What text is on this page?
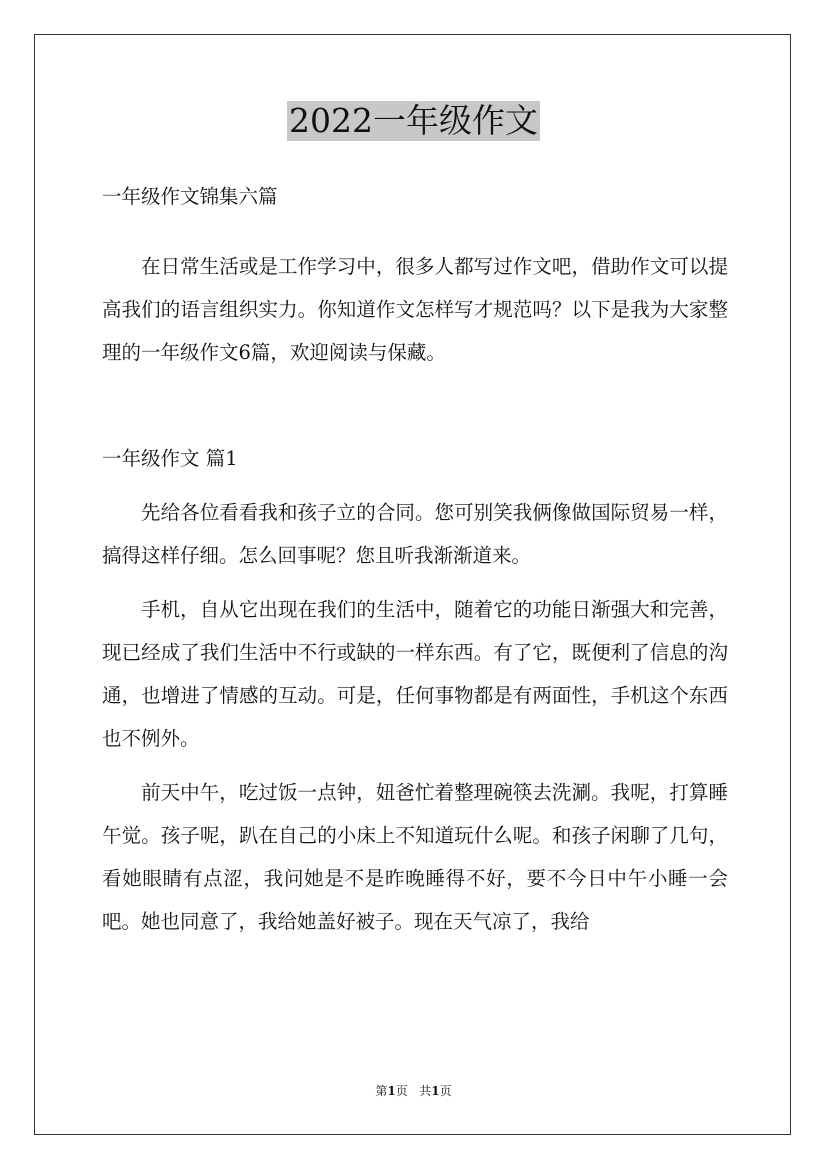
2022一年级作文

一年级作文锦集六篇

在日常生活或是工作学习中，很多人都写过作文吧，借助作文可以提高我们的语言组织实力。你知道作文怎样写才规范吗？以下是我为大家整理的一年级作文6篇，欢迎阅读与保藏。

一年级作文 篇1

先给各位看看我和孩子立的合同。您可别笑我俩像做国际贸易一样，搞得这样仔细。怎么回事呢？您且听我渐渐道来。

手机，自从它出现在我们的生活中，随着它的功能日渐强大和完善，现已经成了我们生活中不行或缺的一样东西。有了它，既便利了信息的沟通，也增进了情感的互动。可是，任何事物都是有两面性，手机这个东西也不例外。

前天中午，吃过饭一点钟，妞爸忙着整理碗筷去洗涮。我呢，打算睡午觉。孩子呢，趴在自己的小床上不知道玩什么呢。和孩子闲聊了几句，看她眼睛有点涩，我问她是不是昨晚睡得不好，要不今日中午小睡一会吧。她也同意了，我给她盖好被子。现在天气凉了，我给

第1页 共1页
